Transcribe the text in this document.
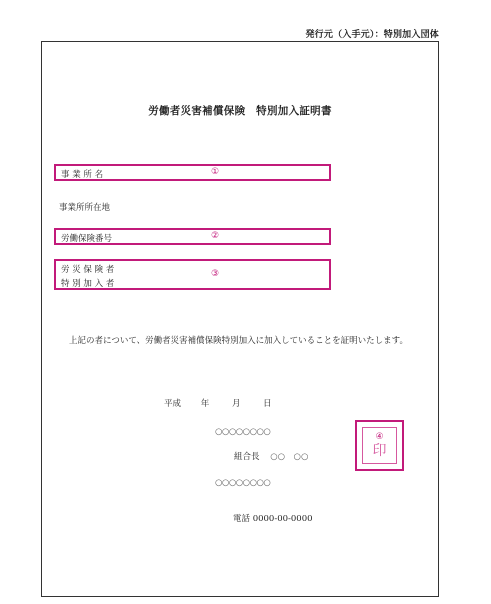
発行元（入手元）：特別加入団体
労働者災害補償保険　特別加入証明書
事 業 所 名	①
事業所所在地
労働保険番号	②
労 災 保 険 者
特 別 加 入 者
③
上記の者について、労働者災害補償保険特別加入に加入していることを証明いたします。
平成 年	月	日
○○○○○○○○
組合長 ○○　○○
○○○○○○○○
電話 0000-00-0000
④
印
